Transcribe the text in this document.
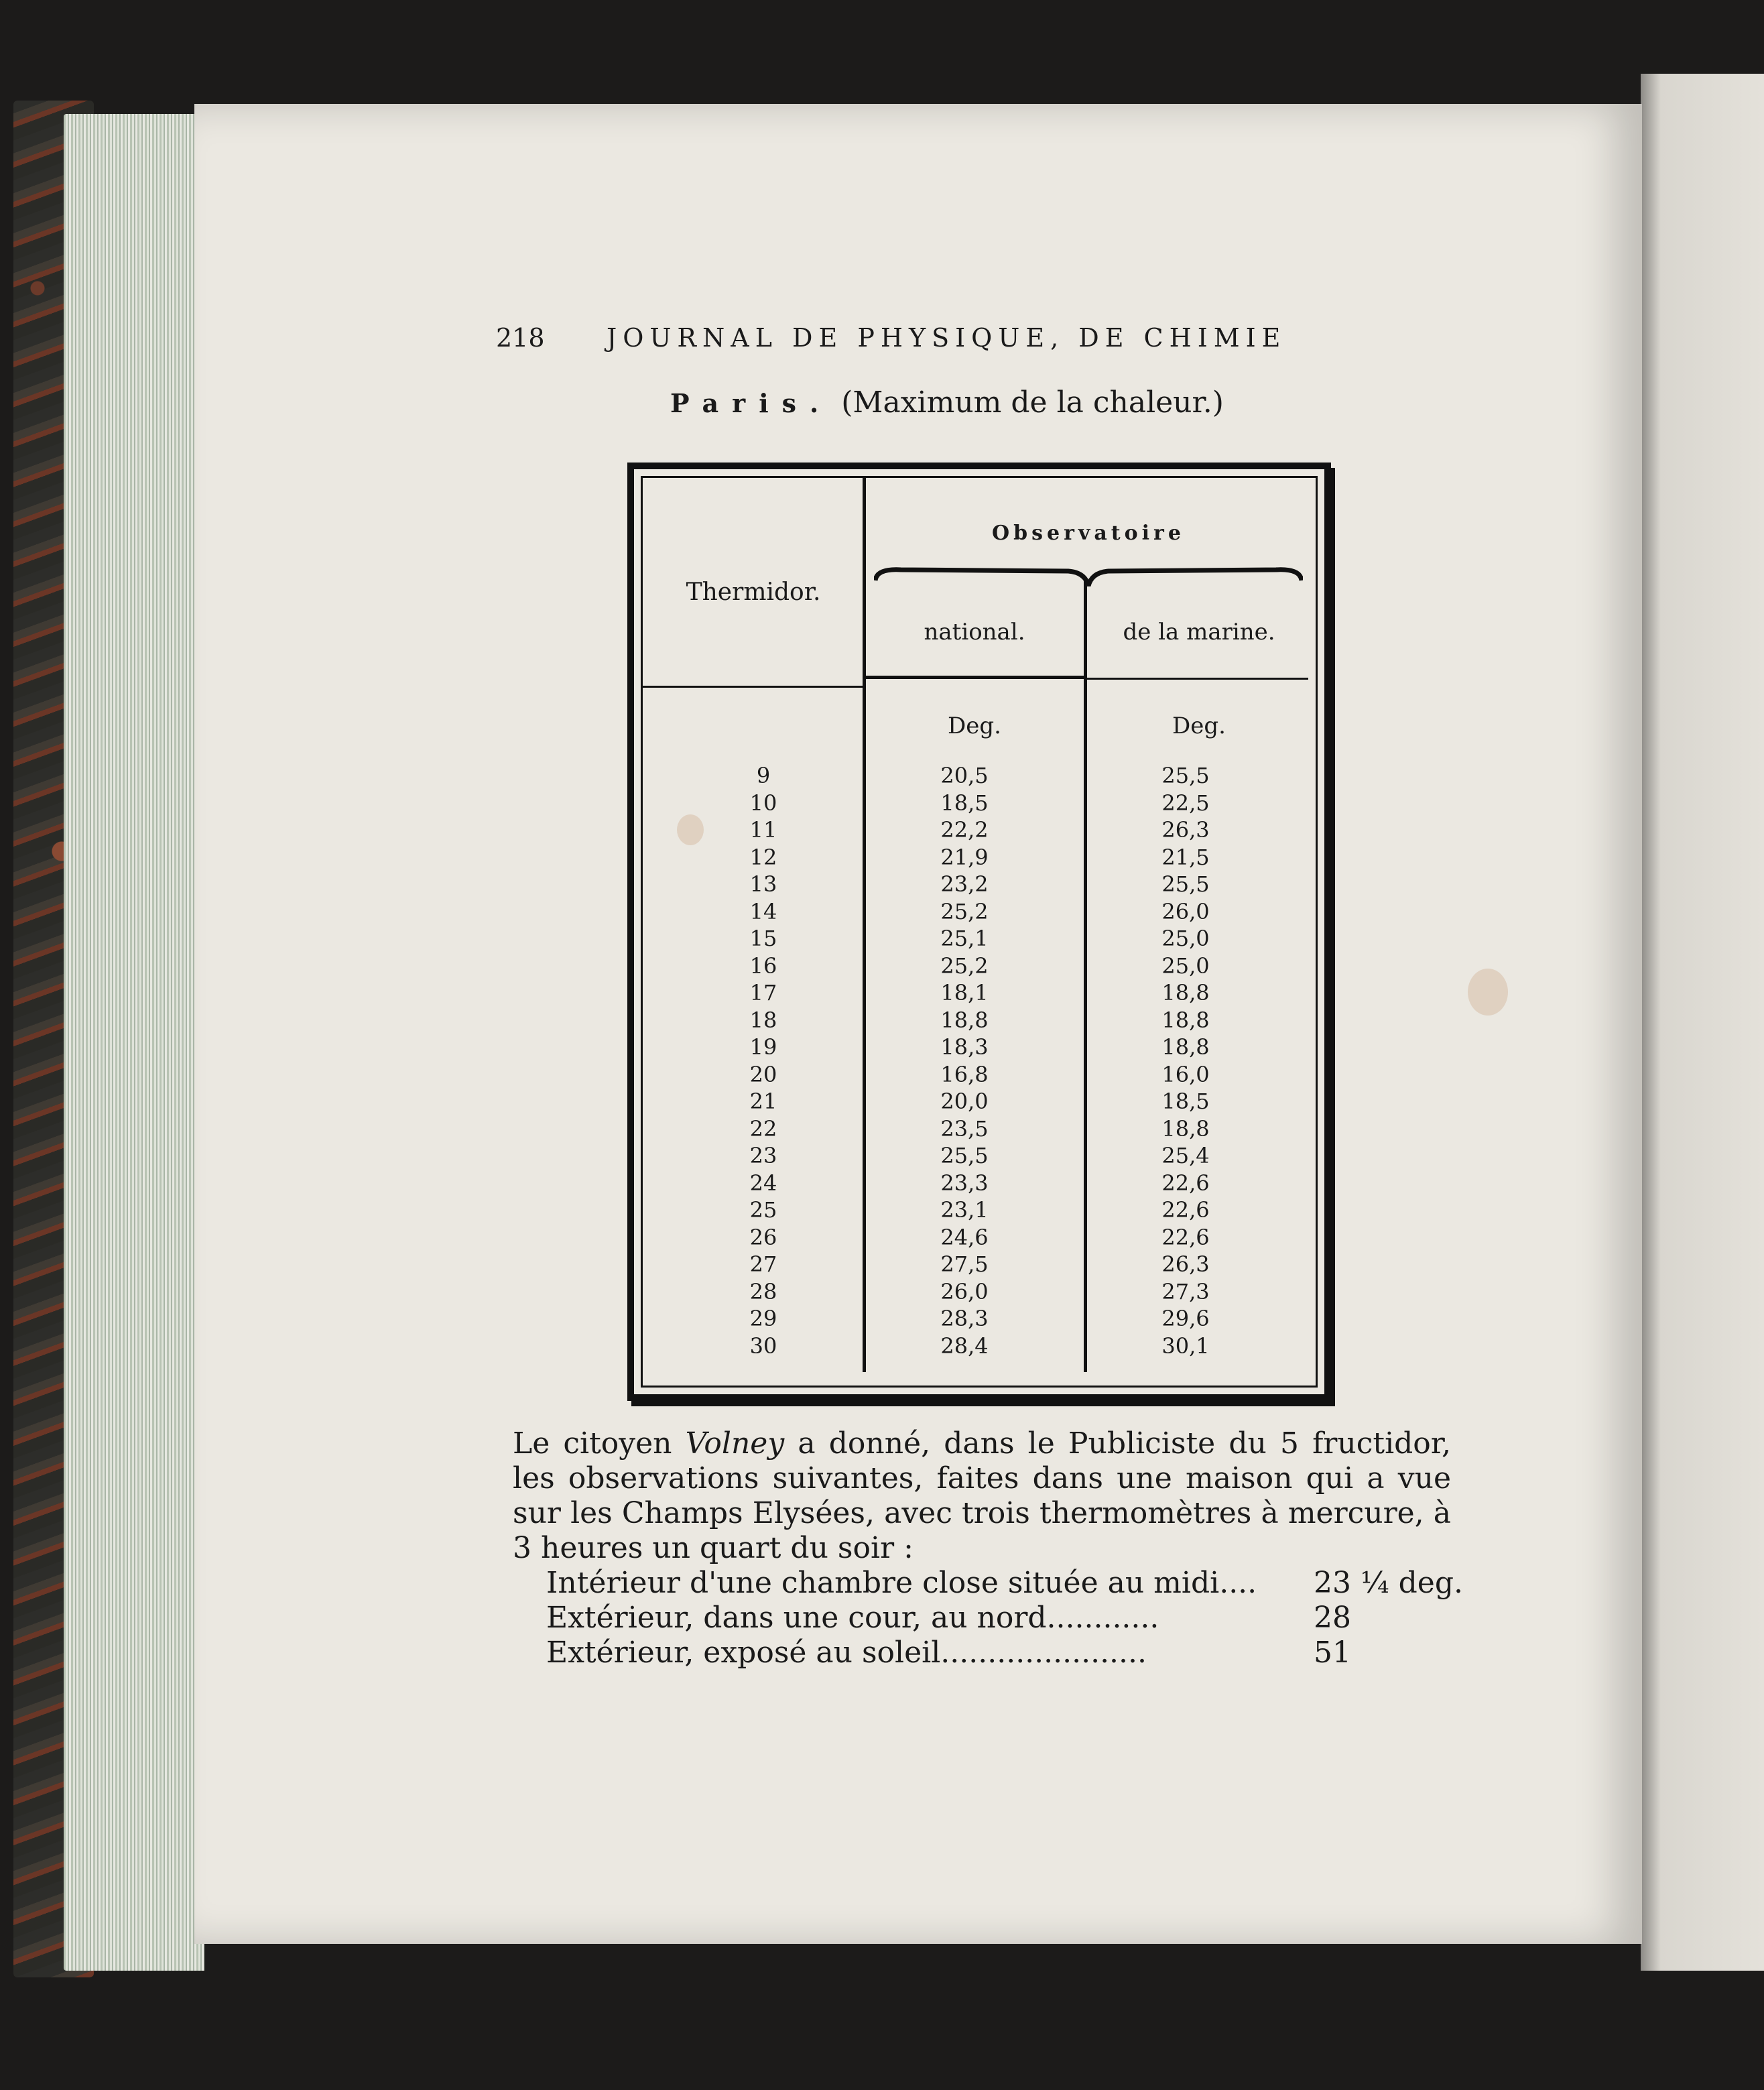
218 JOURNAL DE PHYSIQUE, DE CHIMIE
Paris. (Maximum de la chaleur.)
Observatoire
Thermidor.
national.	de la marine.
Deg.	Deg.
9	20,5	25,5
10	18,5	22,5
11	22,2	26,3
12	21,9	21,5
13	23,2	25,5
14	25,2	26,0
15	25,1	25,0
16	25,2	25,0
17	18,1	18,8
18	18,8	18,8
19	18,3	18,8
20	16,8	16,0
21	20,0	18,5
22	23,5	18,8
23	25,5	25,4
24	23,3	22,6
25	23,1	22,6
26	24,6	22,6
27	27,5	26,3
28	26,0	27,3
29	28,3	29,6
30	28,4	30,1

Le citoyen Volney a donné, dans le Publiciste du 5 fructidor, les observations suivantes, faites dans une maison qui a vue sur les Champs Elysées, avec trois thermomètres à mercure, à 3 heures un quart du soir :

Intérieur d'une chambre close située au midi.... 23 ¼ deg.
Extérieur, dans une cour, au nord............	28
Extérieur, exposé au soleil......................	51
